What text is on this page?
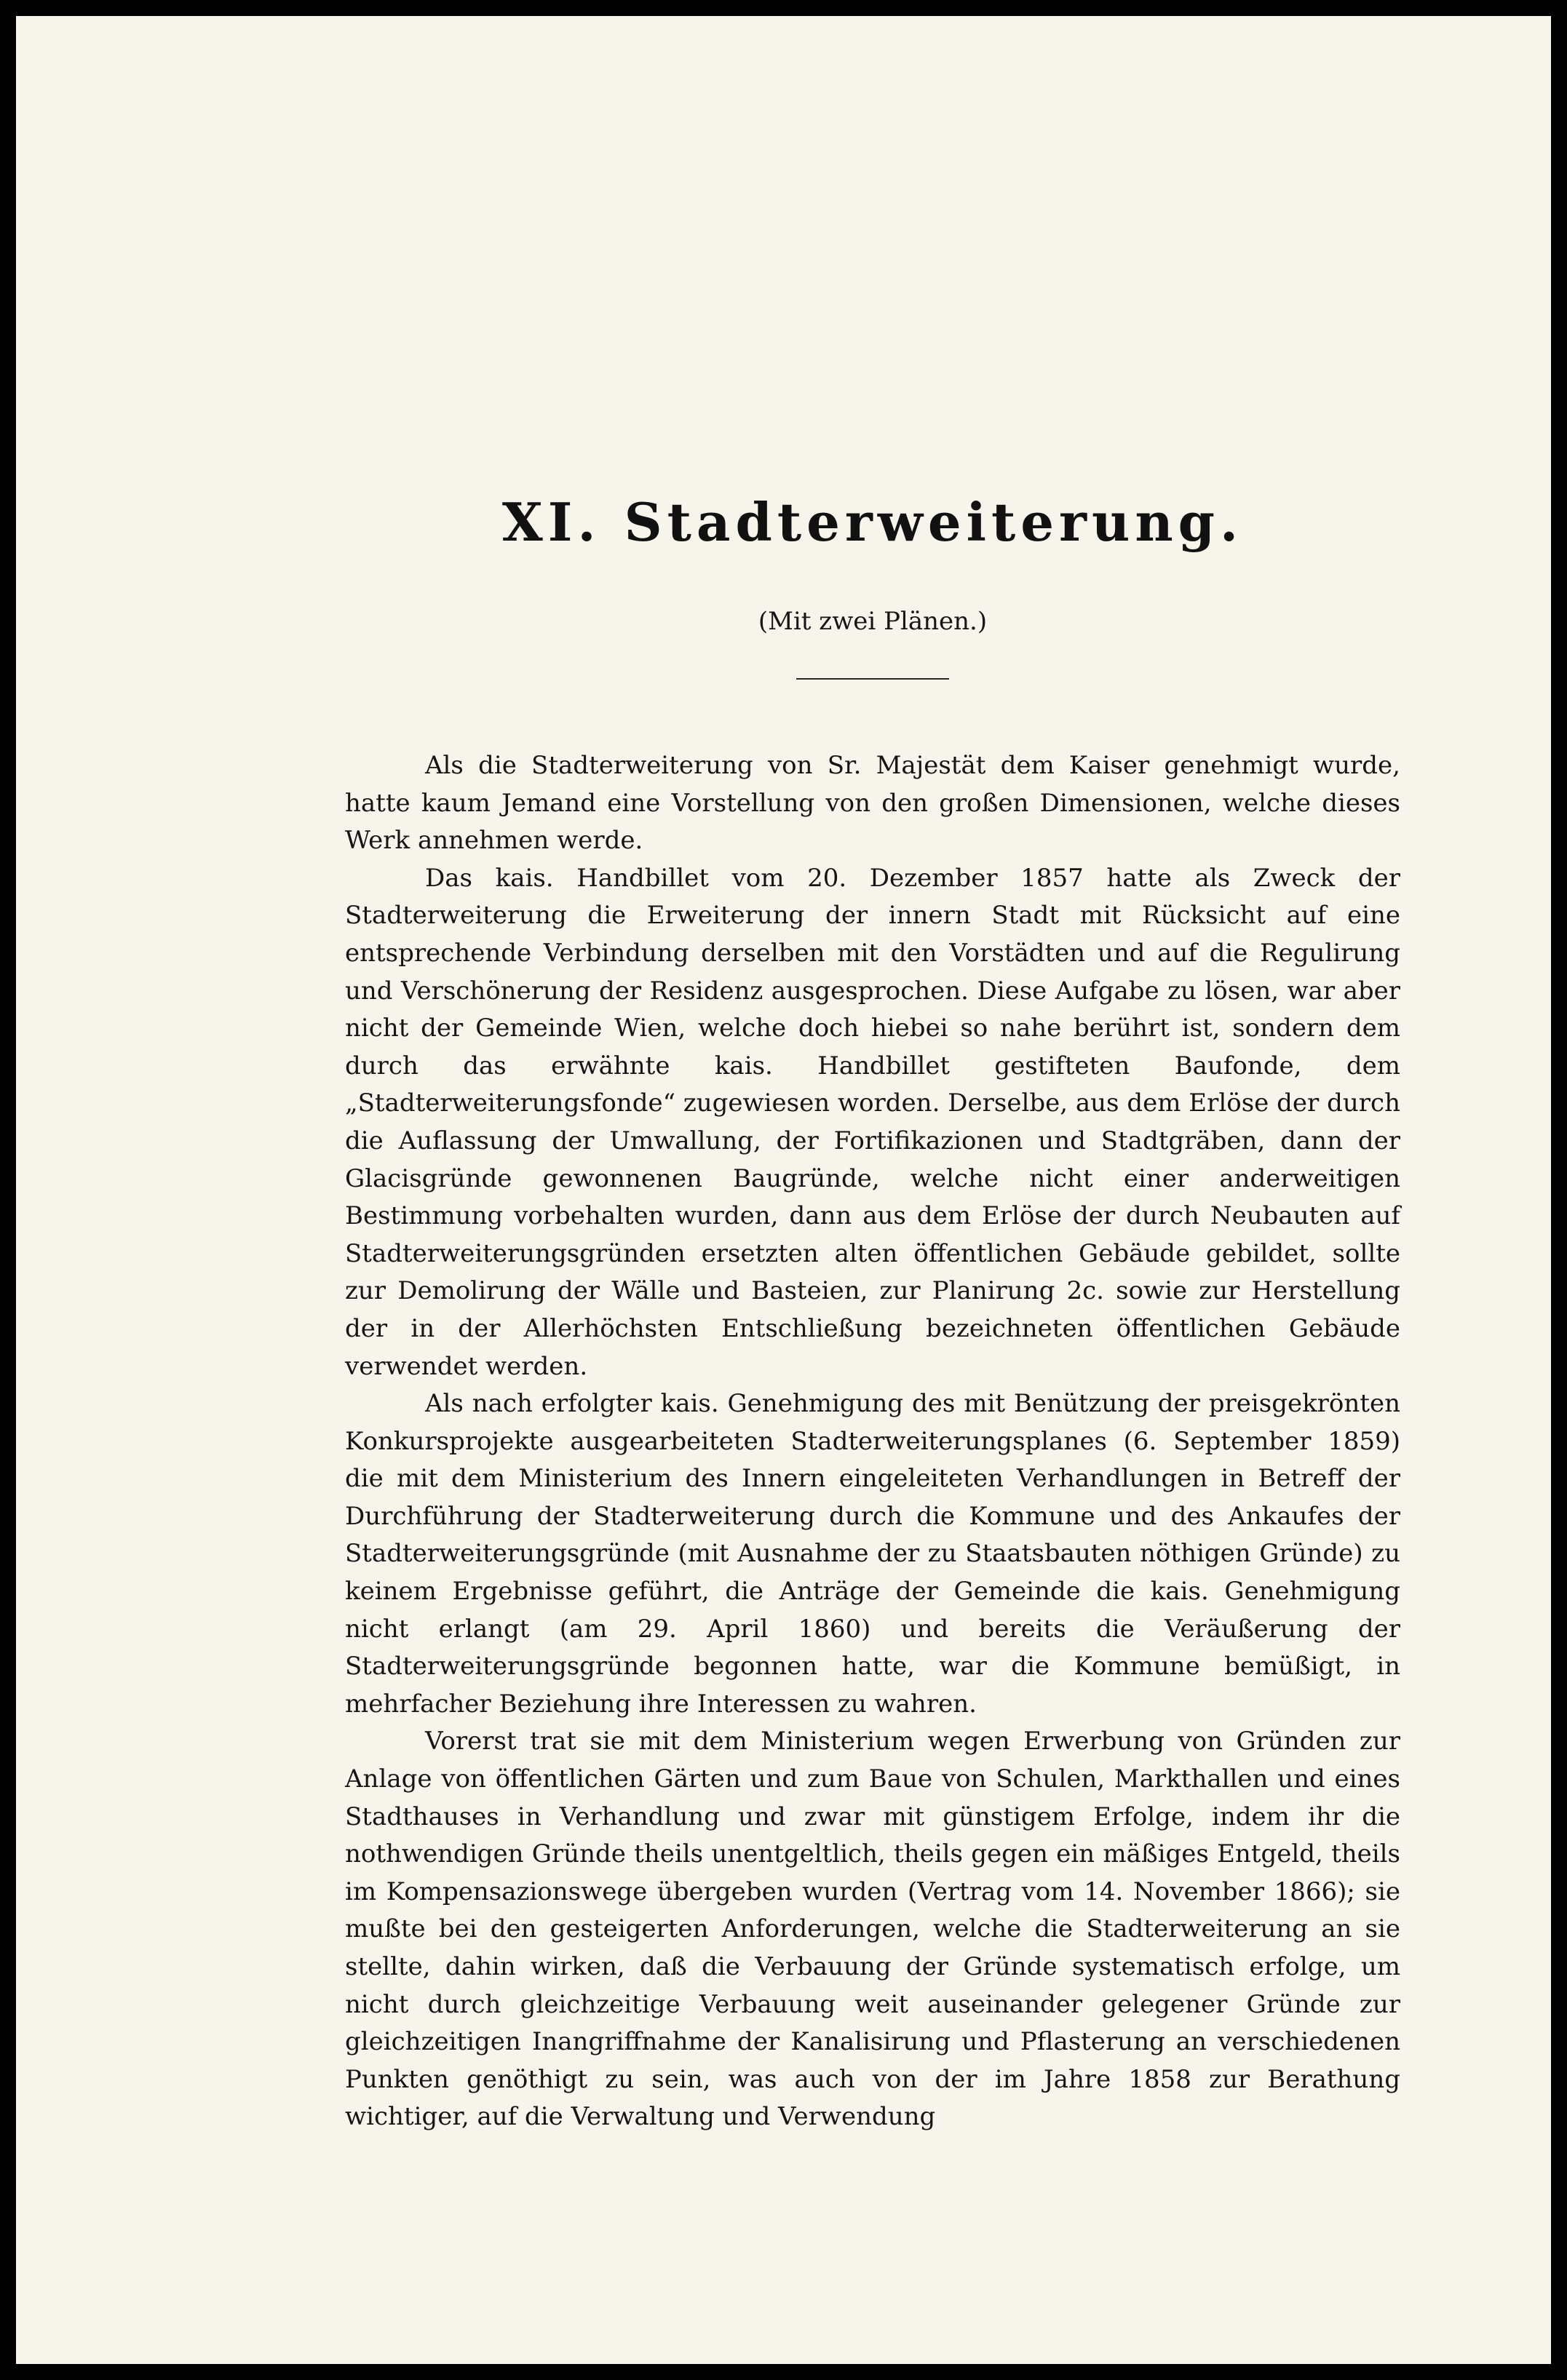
XI. Stadterweiterung.
(Mit zwei Plänen.)

Als die Stadterweiterung von Sr. Majestät dem Kaiser genehmigt wurde, hatte kaum Jemand eine Vorstellung von den großen Dimensionen, welche dieses Werk annehmen werde.

Das kais. Handbillet vom 20. Dezember 1857 hatte als Zweck der Stadterweiterung die Erweiterung der innern Stadt mit Rücksicht auf eine entsprechende Verbindung derselben mit den Vorstädten und auf die Regulirung und Verschönerung der Residenz ausgesprochen. Diese Aufgabe zu lösen, war aber nicht der Gemeinde Wien, welche doch hiebei so nahe berührt ist, sondern dem durch das erwähnte kais. Handbillet gestifteten Baufonde, dem „Stadterweiterungsfonde“ zugewiesen worden. Derselbe, aus dem Erlöse der durch die Auflassung der Umwallung, der Fortifikazionen und Stadtgräben, dann der Glacisgründe gewonnenen Baugründe, welche nicht einer anderweitigen Bestimmung vorbehalten wurden, dann aus dem Erlöse der durch Neubauten auf Stadterweiterungsgründen ersetzten alten öffentlichen Gebäude gebildet, sollte zur Demolirung der Wälle und Basteien, zur Planirung 2c. sowie zur Herstellung der in der Allerhöchsten Entschließung bezeichneten öffentlichen Gebäude verwendet werden.

Als nach erfolgter kais. Genehmigung des mit Benützung der preisgekrönten Konkursprojekte ausgearbeiteten Stadterweiterungsplanes (6. September 1859) die mit dem Ministerium des Innern eingeleiteten Verhandlungen in Betreff der Durchführung der Stadterweiterung durch die Kommune und des Ankaufes der Stadterweiterungsgründe (mit Ausnahme der zu Staatsbauten nöthigen Gründe) zu keinem Ergebnisse geführt, die Anträge der Gemeinde die kais. Genehmigung nicht erlangt (am 29. April 1860) und bereits die Veräußerung der Stadterweiterungsgründe begonnen hatte, war die Kommune bemüßigt, in mehrfacher Beziehung ihre Interessen zu wahren.

Vorerst trat sie mit dem Ministerium wegen Erwerbung von Gründen zur Anlage von öffentlichen Gärten und zum Baue von Schulen, Markthallen und eines Stadthauses in Verhandlung und zwar mit günstigem Erfolge, indem ihr die nothwendigen Gründe theils unentgeltlich, theils gegen ein mäßiges Entgeld, theils im Kompensazionswege übergeben wurden (Vertrag vom 14. November 1866); sie mußte bei den gesteigerten Anforderungen, welche die Stadterweiterung an sie stellte, dahin wirken, daß die Verbauung der Gründe systematisch erfolge, um nicht durch gleichzeitige Verbauung weit auseinander gelegener Gründe zur gleichzeitigen Inangriffnahme der Kanalisirung und Pflasterung an verschiedenen Punkten genöthigt zu sein, was auch von der im Jahre 1858 zur Berathung wichtiger, auf die Verwaltung und Verwendung
